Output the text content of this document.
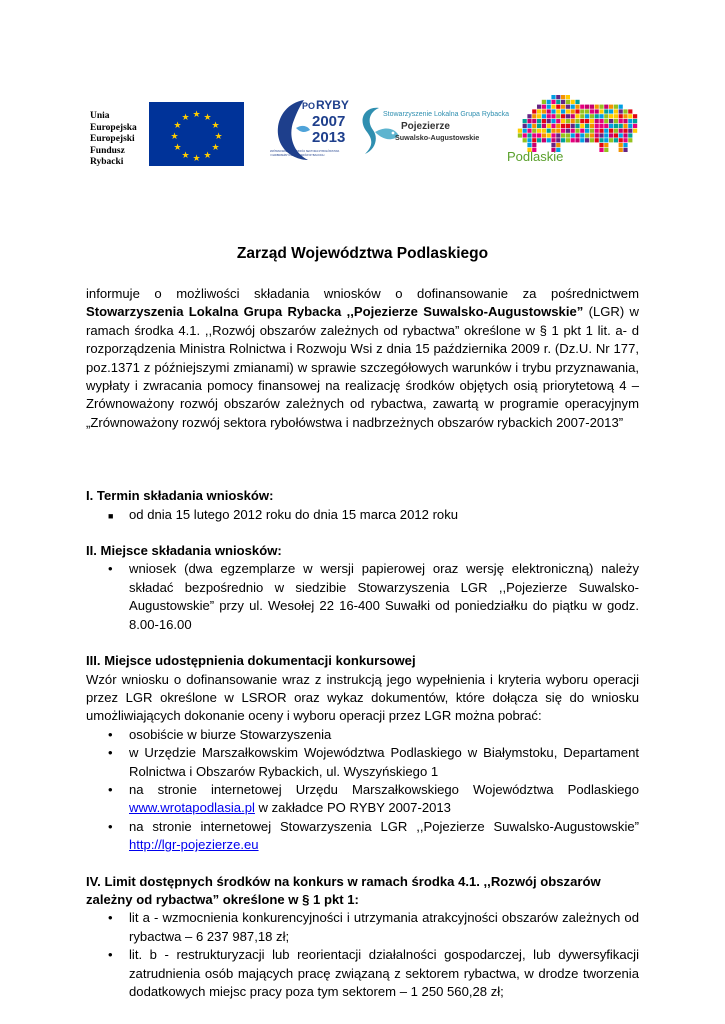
Unia
Europejska
Europejski
Fundusz
Rybacki
★ ★
★
★
★
★
★
★
★
★
★
★
PO RYBY
2007
2013
ZRÓWNOWAŻONY ROZWÓJ SEKTORA RYBOŁÓWSTWA
I NADBRZEŻNYCH OBSZARÓW RYBACKICH
Stowarzyszenie Lokalna Grupa Rybacka
Pojezierze
Suwalsko-Augustowskie
Podlaskie
Zarząd Województwa Podlaskiego

informuje o możliwości składania wniosków o dofinansowanie za pośrednictwem Stowarzyszenia Lokalna Grupa Rybacka ,,Pojezierze Suwalsko-Augustowskie” (LGR) w ramach środka 4.1. ,,Rozwój obszarów zależnych od rybactwa” określone w § 1 pkt 1 lit. a- d rozporządzenia Ministra Rolnictwa i Rozwoju Wsi z dnia 15 października 2009 r. (Dz.U. Nr 177, poz.1371 z późniejszymi zmianami) w sprawie szczegółowych warunków i trybu przyznawania, wypłaty i zwracania pomocy finansowej na realizację środków objętych osią priorytetową 4 – Zrównoważony rozwój obszarów zależnych od rybactwa, zawartą w programie operacyjnym „Zrównoważony rozwój sektora rybołówstwa i nadbrzeżnych obszarów rybackich 2007-2013”

I. Termin składania wniosków:
■ od dnia 15 lutego 2012 roku do dnia 15 marca 2012 roku
II. Miejsce składania wniosków:
• wniosek (dwa egzemplarze w wersji papierowej oraz wersję elektroniczną) należy składać bezpośrednio w siedzibie Stowarzyszenia LGR ,,Pojezierze Suwalsko-Augustowskie” przy ul. Wesołej 22 16-400 Suwałki od poniedziałku do piątku w godz. 8.00-16.00
III. Miejsce udostępnienia dokumentacji konkursowej
Wzór wniosku o dofinansowanie wraz z instrukcją jego wypełnienia i kryteria wyboru operacji przez LGR określone w LSROR oraz wykaz dokumentów, które dołącza się do wniosku umożliwiających dokonanie oceny i wyboru operacji przez LGR można pobrać:
• osobiście w biurze Stowarzyszenia
• w Urzędzie Marszałkowskim Województwa Podlaskiego w Białymstoku, Departament Rolnictwa i Obszarów Rybackich, ul. Wyszyńskiego 1
• na stronie internetowej Urzędu Marszałkowskiego Województwa Podlaskiego www.wrotapodlasia.pl w zakładce PO RYBY 2007-2013
• na stronie internetowej Stowarzyszenia LGR ,,Pojezierze Suwalsko-Augustowskie” http://lgr-pojezierze.eu
IV. Limit dostępnych środków na konkurs w ramach środka 4.1. ,,Rozwój obszarów zależny od rybactwa” określone w § 1 pkt 1:
• lit a - wzmocnienia konkurencyjności i utrzymania atrakcyjności obszarów zależnych od rybactwa – 6 237 987,18 zł;
• lit. b - restrukturyzacji lub reorientacji działalności gospodarczej, lub dywersyfikacji zatrudnienia osób mających pracę związaną z sektorem rybactwa, w drodze tworzenia dodatkowych miejsc pracy poza tym sektorem – 1 250 560,28 zł;
